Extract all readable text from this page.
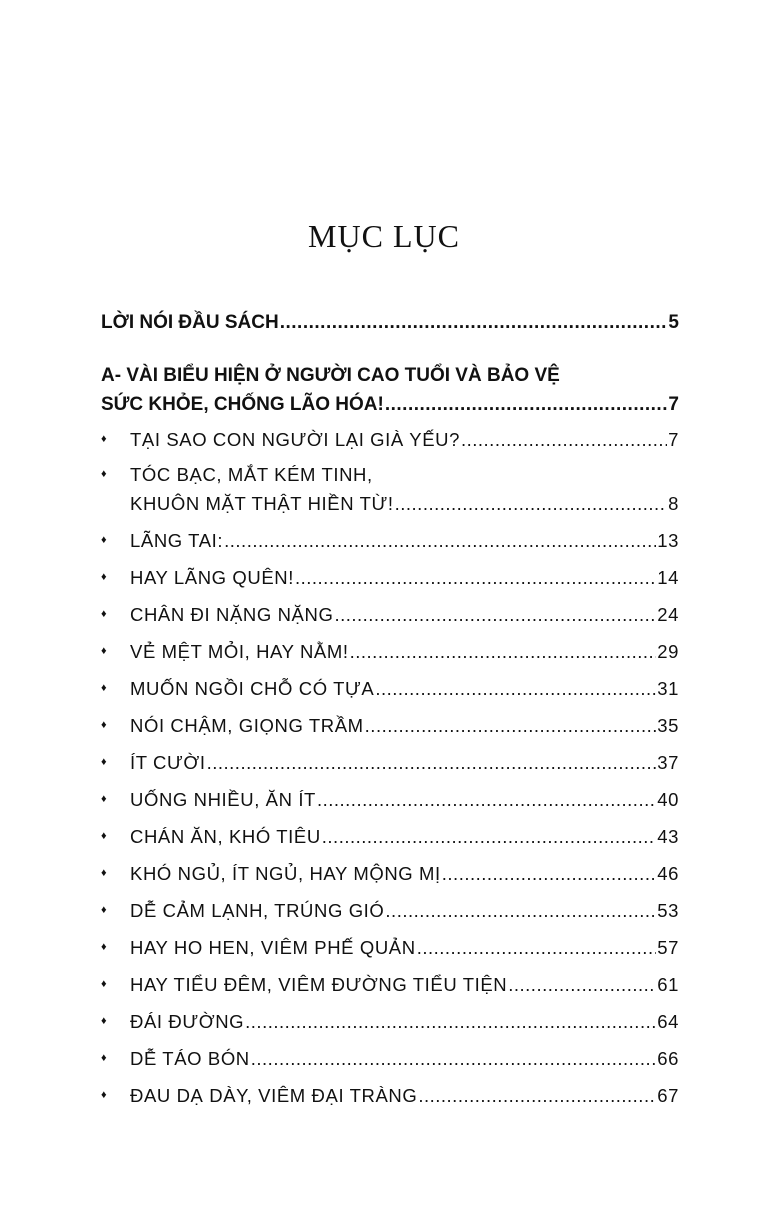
MỤC LỤC
LỜI NÓI ĐẦU SÁCH .....	5
A- VÀI BIỂU HIỆN Ở NGƯỜI CAO TUỔI VÀ BẢO VỆ
SỨC KHỎE, CHỐNG LÃO HÓA! .....	7
♦ TẠI SAO CON NGƯỜI LẠI GIÀ YẾU? .....	7
♦ TÓC BẠC, MẮT KÉM TINH,
KHUÔN MẶT THẬT HIỀN TỪ! .....	8
♦ LÃNG TAI: .....	13
♦ HAY LÃNG QUÊN! .....	14
♦ CHÂN ĐI NẶNG NẶNG .....	24
♦ VẺ MỆT MỎI, HAY NẰM! .....	29
♦ MUỐN NGỒI CHỖ CÓ TỰA .....	31
♦ NÓI CHẬM, GIỌNG TRẦM .....	35
♦ ÍT CƯỜI .....	37
♦ UỐNG NHIỀU, ĂN ÍT .....	40
♦ CHÁN ĂN, KHÓ TIÊU .....	43
♦ KHÓ NGỦ, ÍT NGỦ, HAY MỘNG MỊ .....	46
♦ DỄ CẢM LẠNH, TRÚNG GIÓ .....	53
♦ HAY HO HEN, VIÊM PHẾ QUẢN .....	57
♦ HAY TIỂU ĐÊM, VIÊM ĐƯỜNG TIỂU TIỆN .....	61
♦ ĐÁI ĐƯỜNG .....	64
♦ DỄ TÁO BÓN .....	66
♦ ĐAU DẠ DÀY, VIÊM ĐẠI TRÀNG .....	67
